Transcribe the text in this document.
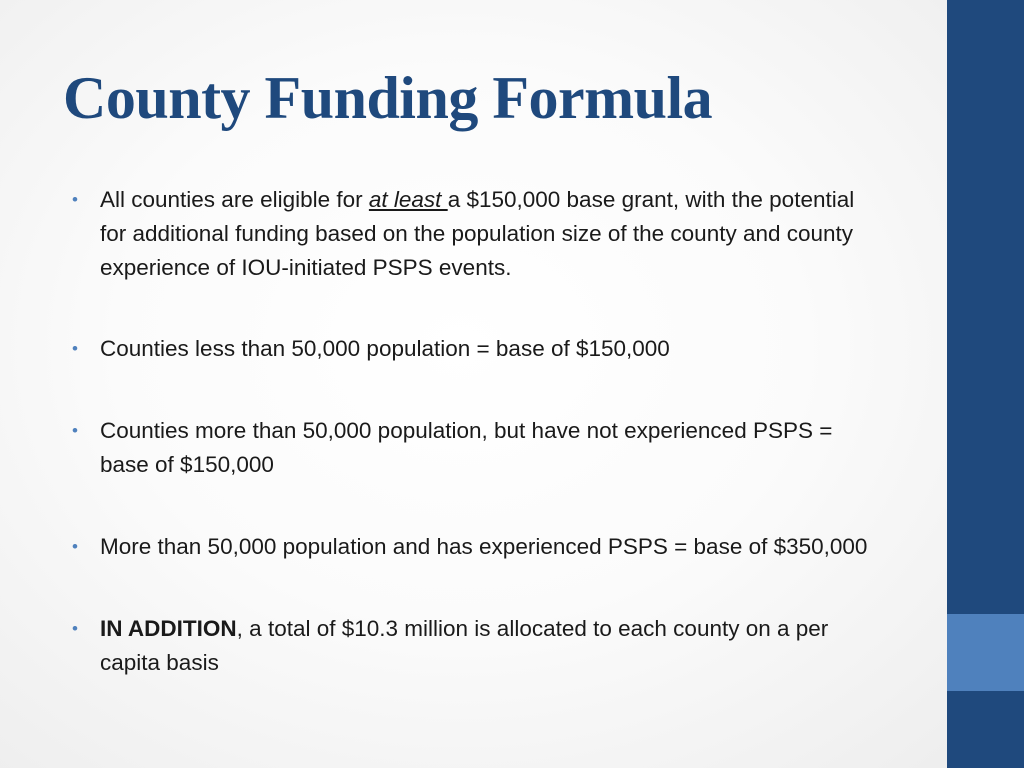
County Funding Formula
• All counties are eligible for at least a $150,000 base grant, with the potential for additional funding based on the population size of the county and county experience of IOU-initiated PSPS events.
• Counties less than 50,000 population = base of $150,000
• Counties more than 50,000 population, but have not experienced PSPS = base of $150,000
• More than 50,000 population and has experienced PSPS = base of $350,000
• IN ADDITION, a total of $10.3 million is allocated to each county on a per capita basis
